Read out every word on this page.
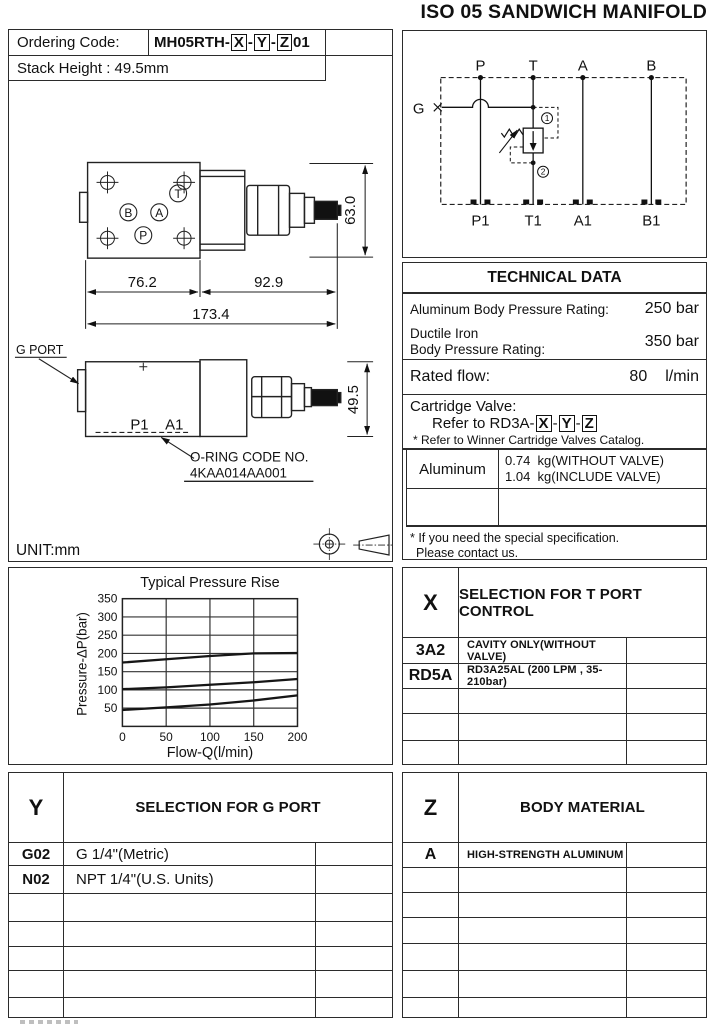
ISO 05 SANDWICH MANIFOLD
T
B A
P
63.0
76.2	92.9
173.4
49.5
G PORT
P1 A1
O-RING CODE NO.
4KAA014AA001
UNIT:mm
Ordering Code:	MH05RTH- X - Y - Z 01
Stack Height : 49.5mm	P	T	A	B
P1 T1 A1	B1
G
1
2
TECHNICAL DATA
Aluminum Body Pressure Rating: 250 bar
Ductile Iron
Body Pressure Rating:	350 bar
Rated flow:	80 l/min
Cartridge Valve:
Refer to RD3A- X - Y - Z
* Refer to Winner Cartridge Valves Catalog.
Aluminum	0.74  kg(WITHOUT VALVE)
1.04  kg(INCLUDE VALVE)
* If you need the special specification.
Please contact us.
Typical Pressure Rise
Pressure-ΔP(bar)
Flow-Q(l/min)
0	50 100 150 200
50
100
150
200
250
300
350	X	SELECTION FOR T PORT CONTROL
3A2	CAVITY ONLY(WITHOUT VALVE)
RD5A	RD3A25AL (200 LPM , 35-210bar)
Y	SELECTION FOR G PORT
G02	G 1/4"(Metric)
N02	NPT 1/4"(U.S. Units)
Z	BODY MATERIAL
A	HIGH-STRENGTH ALUMINUM
